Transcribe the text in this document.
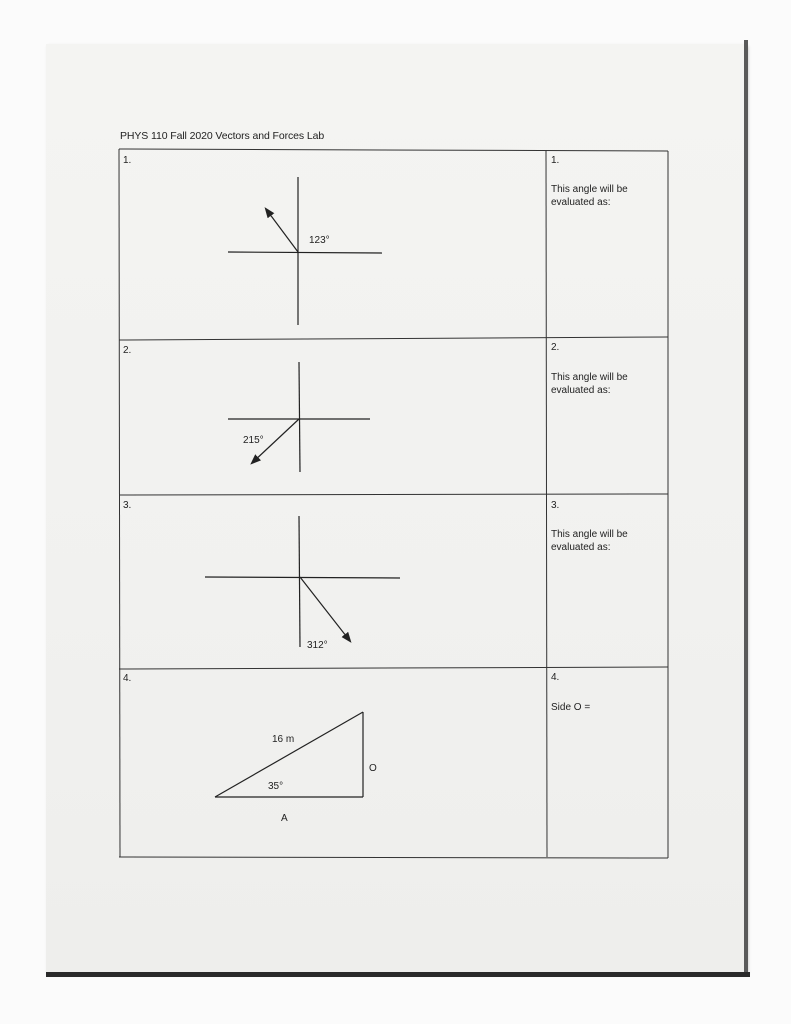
PHYS 110 Fall 2020 Vectors and Forces Lab
123°
215°
312°
16 m
35°
O
A
1.
2.
3.
4.
1.
This angle will be
evaluated as:
2.
This angle will be
evaluated as:
3.
This angle will be
evaluated as:
4.
Side O =
